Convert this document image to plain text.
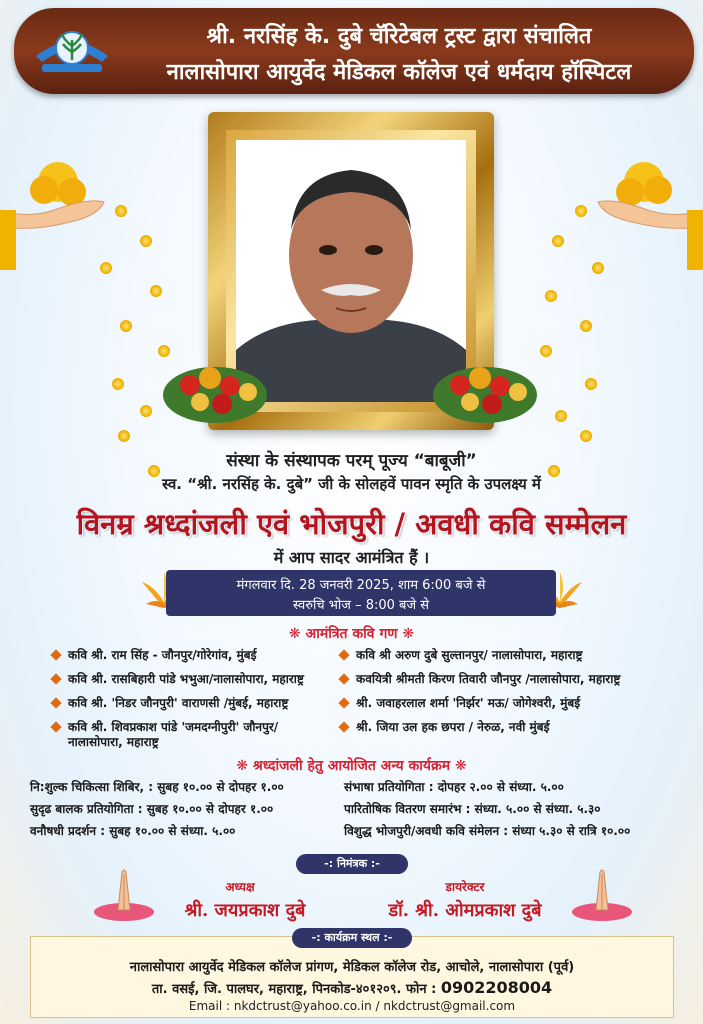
श्री. नरसिंह के. दुबे चॅरिटेबल ट्रस्ट द्वारा संचालित
नालासोपारा आयुर्वेद मेडिकल कॉलेज एवं धर्मदाय हॉस्पिटल
संस्था के संस्थापक परम् पूज्य “बाबूजी”
स्व. “श्री. नरसिंह के. दुबे” जी के सोलहवें पावन स्मृति के उपलक्ष्य में
विनम्र श्रध्दांजली एवं भोजपुरी / अवधी कवि सम्मेलन
में आप सादर आमंत्रित हैं ।
मंगलवार दि. 28 जनवरी 2025, शाम 6:00 बजे से
स्वरुचि भोज – 8:00 बजे से
❋ आमंत्रित कवि गण ❋
कवि श्री. राम सिंह - जौनपुर/गोरेगांव, मुंबई
कवि श्री. रासबिहारी पांडे भभुआ/नालासोपारा, महाराष्ट्र
कवि श्री. 'निडर जौनपुरी' वाराणसी /मुंबई, महाराष्ट्र
कवि श्री. शिवप्रकाश पांडे 'जमदग्नीपुरी' जौनपुर/ नालासोपारा, महाराष्ट्र
कवि श्री अरुण दुबे सुल्तानपुर/ नालासोपारा, महाराष्ट्र
कवयित्री श्रीमती किरण तिवारी जौनपुर /नालासोपारा, महाराष्ट्र
श्री. जवाहरलाल शर्मा 'निर्झर' मऊ/ जोगेश्वरी, मुंबई
श्री. जिया उल हक छपरा / नेरुळ, नवी मुंबई
❋ श्रध्दांजली हेतु आयोजित अन्य कार्यक्रम ❋
नि:शुल्क चिकित्सा शिबिर, : सुबह १०.०० से दोपहर १.००
सुदृढ बालक प्रतियोगिता : सुबह १०.०० से दोपहर १.००
वनौषधी प्रदर्शन : सुबह १०.०० से संध्या. ५.००
संभाषा प्रतियोगिता : दोपहर २.०० से संध्या. ५.००
पारितोषिक वितरण समारंभ : संध्या. ५.०० से संध्या. ५.३०
विशुद्ध भोजपुरी/अवधी कवि संमेलन : संध्या ५.३० से रात्रि १०.००
-: निमंत्रक :-
अध्यक्ष
श्री. जयप्रकाश दुबे
डायरेक्टर
डॉ. श्री. ओमप्रकाश दुबे
नालासोपारा आयुर्वेद मेडिकल कॉलेज प्रांगण, मेडिकल कॉलेज रोड, आचोले, नालासोपारा (पूर्व)
ता. वसई, जि. पालघर, महाराष्ट्र, पिनकोड-४०१२०९. फोन : 0902208004
Email : nkdctrust@yahoo.co.in / nkdctrust@gmail.com
-: कार्यक्रम स्थल :-
